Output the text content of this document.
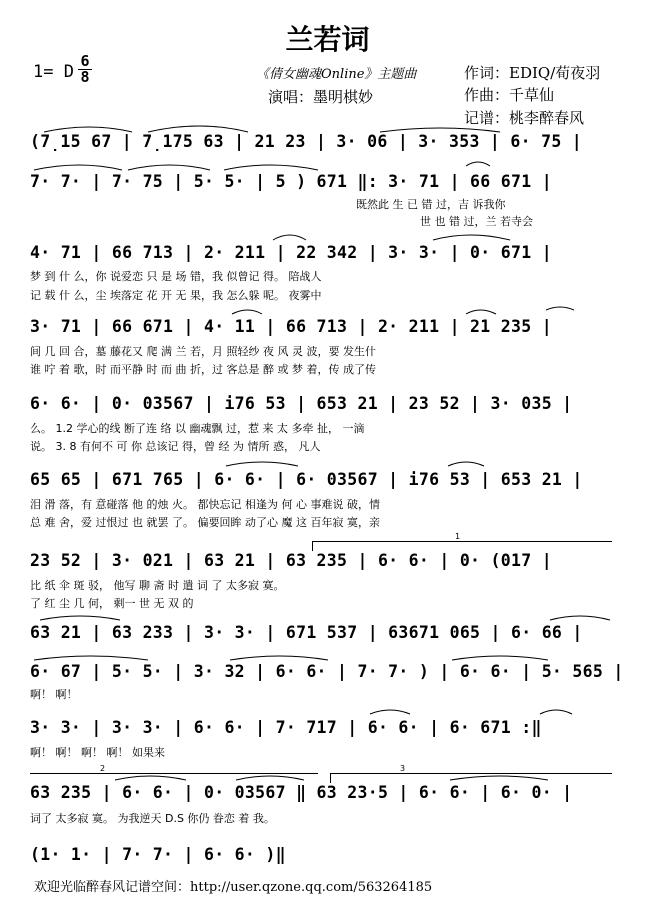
兰若词
1= D
6
8	《倩女幽魂Online》主题曲
演唱：墨明棋妙
作词：EDIQ/荀夜羽
作曲：千草仙
记谱：桃李醉春风
(7̣15 67 | 7̣175 63 | 21 23 | 3· 06 | 3· 353 | 6· 75 |
7· 7· | 7· 75 | 5· 5· | 5 ) 671 ‖: 3· 71 | 66 671 |
既然此 生 已 错 过，吉 诉我你
世 也 错 过，兰 若寺会
4· 71 | 66 713 | 2· 211 | 22 342 | 3· 3· | 0· 671 |
梦 到 什 么，你 说爱恋 只 是 场 错，我 似曾记 得。 陪战人
记 载 什 么，尘 埃落定 花 开 无 果，我 怎么躲 呢。 夜雾中
3· 71 | 66 671 | 4· 11 | 66 713 | 2· 211 | 21 235 |
间 几 回 合，墓 藤花又 爬 满 兰 若，月 照轻纱 夜 风 灵 波，要 发生什
谁 咛 着 歌，时 而平静 时 而 曲 折，过 客总是 醉 或 梦 着，传 成了传
6· 6· | 0· 03567 | i76 53 | 653 21 | 23 52 | 3· 035 |
么。 1.2 学心的线 断了连 络 以 幽魂飘 过，惹 来 太 多牵 扯， 一滴
说。 3. 8 有何不 可 你 总该记 得，曾 经 为 情所 惑， 凡人
65 65 | 671 765 | 6· 6· | 6· 03567 | i76 53 | 653 21 |
泪 滑 落，有 意碰落 他 的烛 火。 都快忘记 相逢为 何 心 事难说 破，情
总 难 舍，爱 过恨过 也 就罢 了。 偏要回眸 动了心 魔 这 百年寂 寞，亲
23 52 | 3· 021 | 63 21 | 63 235 | 6· 6· | 0· (017 |
比 纸 伞 斑 驳， 他写 聊 斋 时 遣 词 了 太多寂 寞。
了 红 尘 几 何， 剩一 世 无 双 的
63 21 | 63 233 | 3· 3· | 671 537 | 63671 065 | 6· 66 |
6· 67 | 5· 5· | 3· 32 | 6· 6· | 7· 7· ) | 6· 6· | 5· 565 |
啊！ 啊！
3· 3· | 3· 3· | 6· 6· | 7· 717 | 6· 6· | 6· 671 :‖
啊！ 啊！ 啊！ 啊！ 如果来
63 235 | 6· 6· | 0· 03567 ‖ 63 23·5 | 6· 6· | 6· 0· |
词了 太多寂 寞。 为我逆天 D.S 你仍 眷恋 着 我。
(1· 1· | 7· 7· | 6· 6· )‖
1
2	3
欢迎光临醉春风记谱空间：http://user.qzone.qq.com/563264185
